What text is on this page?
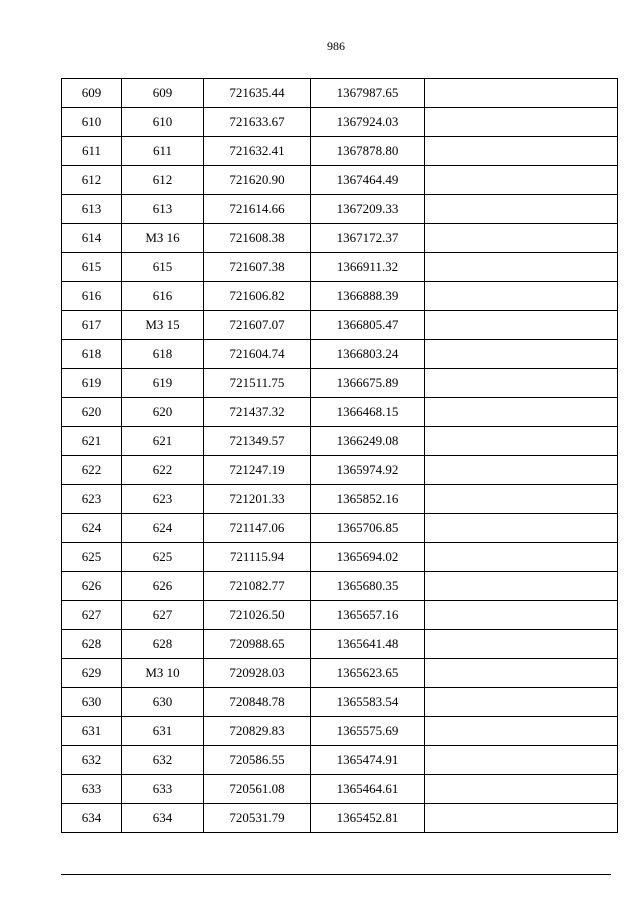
986
609	609	721635.44	1367987.65	
610	610	721633.67	1367924.03	
611	611	721632.41	1367878.80	
612	612	721620.90	1367464.49	
613	613	721614.66	1367209.33	
614	МЗ 16	721608.38	1367172.37	
615	615	721607.38	1366911.32	
616	616	721606.82	1366888.39	
617	МЗ 15	721607.07	1366805.47	
618	618	721604.74	1366803.24	
619	619	721511.75	1366675.89	
620	620	721437.32	1366468.15	
621	621	721349.57	1366249.08	
622	622	721247.19	1365974.92	
623	623	721201.33	1365852.16	
624	624	721147.06	1365706.85	
625	625	721115.94	1365694.02	
626	626	721082.77	1365680.35	
627	627	721026.50	1365657.16	
628	628	720988.65	1365641.48	
629	МЗ 10	720928.03	1365623.65	
630	630	720848.78	1365583.54	
631	631	720829.83	1365575.69	
632	632	720586.55	1365474.91	
633	633	720561.08	1365464.61	
634	634	720531.79	1365452.81	
